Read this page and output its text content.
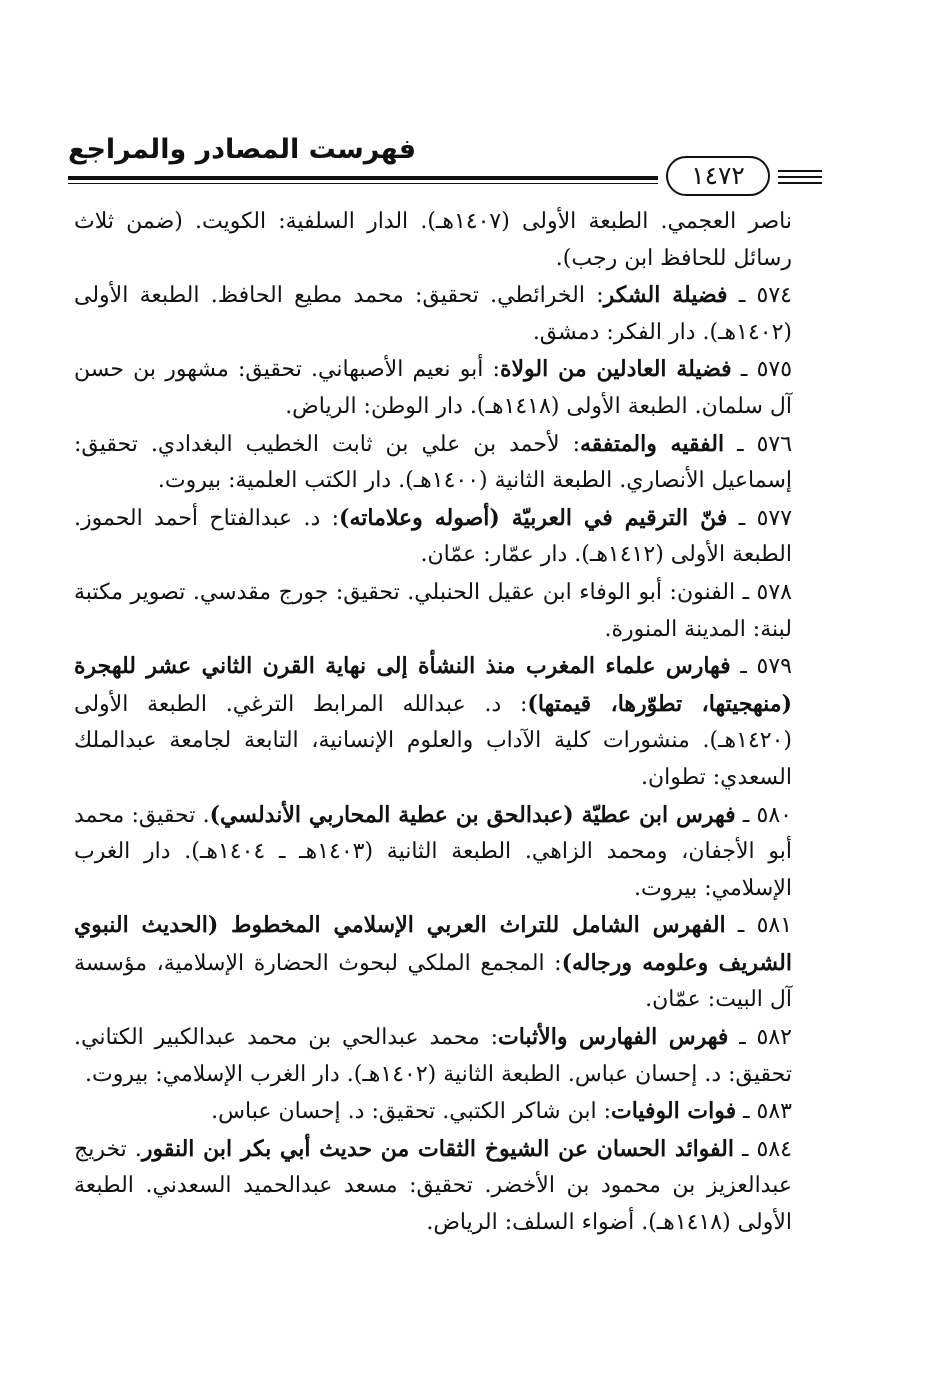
فهرست المصادر والمراجع
١٤٧٢

ناصر العجمي. الطبعة الأولى (١٤٠٧هـ). الدار السلفية: الكويت. (ضمن ثلاث رسائل للحافظ ابن رجب).

٥٧٤ ـ فضيلة الشكر: الخرائطي. تحقيق: محمد مطيع الحافظ. الطبعة الأولى (١٤٠٢هـ). دار الفكر: دمشق.

٥٧٥ ـ فضيلة العادلين من الولاة: أبو نعيم الأصبهاني. تحقيق: مشهور بن حسن آل سلمان. الطبعة الأولى (١٤١٨هـ). دار الوطن: الرياض.

٥٧٦ ـ الفقيه والمتفقه: لأحمد بن علي بن ثابت الخطيب البغدادي. تحقيق: إسماعيل الأنصاري. الطبعة الثانية (١٤٠٠هـ). دار الكتب العلمية: بيروت.

٥٧٧ ـ فنّ الترقيم في العربيّة (أصوله وعلاماته): د. عبدالفتاح أحمد الحموز. الطبعة الأولى (١٤١٢هـ). دار عمّار: عمّان.

٥٧٨ ـ الفنون: أبو الوفاء ابن عقيل الحنبلي. تحقيق: جورج مقدسي. تصوير مكتبة لبنة: المدينة المنورة.

٥٧٩ ـ فهارس علماء المغرب منذ النشأة إلى نهاية القرن الثاني عشر للهجرة (منهجيتها، تطوّرها، قيمتها): د. عبدالله المرابط الترغي. الطبعة الأولى (١٤٢٠هـ). منشورات كلية الآداب والعلوم الإنسانية، التابعة لجامعة عبدالملك السعدي: تطوان.

٥٨٠ ـ فهرس ابن عطيّة (عبدالحق بن عطية المحاربي الأندلسي). تحقيق: محمد أبو الأجفان، ومحمد الزاهي. الطبعة الثانية (١٤٠٣هـ ـ ١٤٠٤هـ). دار الغرب الإسلامي: بيروت.

٥٨١ ـ الفهرس الشامل للتراث العربي الإسلامي المخطوط (الحديث النبوي الشريف وعلومه ورجاله): المجمع الملكي لبحوث الحضارة الإسلامية، مؤسسة آل البيت: عمّان.

٥٨٢ ـ فهرس الفهارس والأثبات: محمد عبدالحي بن محمد عبدالكبير الكتاني. تحقيق: د. إحسان عباس. الطبعة الثانية (١٤٠٢هـ). دار الغرب الإسلامي: بيروت.

٥٨٣ ـ فوات الوفيات: ابن شاكر الكتبي. تحقيق: د. إحسان عباس.

٥٨٤ ـ الفوائد الحسان عن الشيوخ الثقات من حديث أبي بكر ابن النقور. تخريج عبدالعزيز بن محمود بن الأخضر. تحقيق: مسعد عبدالحميد السعدني. الطبعة الأولى (١٤١٨هـ). أضواء السلف: الرياض.
